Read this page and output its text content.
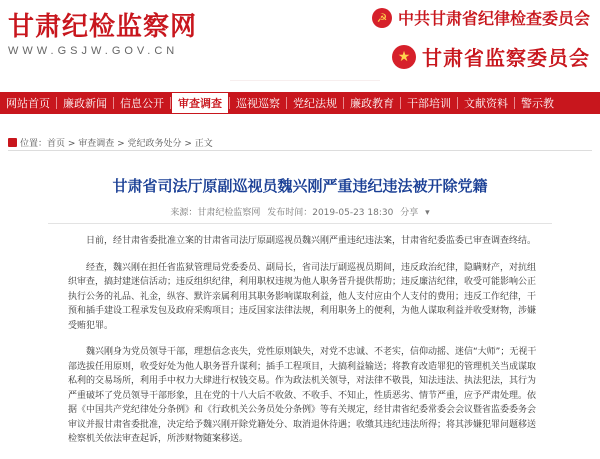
甘肃纪检监察网
WWW.GSJW.GOV.CN
☭ 中共甘肃省纪律检查委员会
★ 甘肃省监察委员会
网站首页	廉政新闻	信息公开	审查调查	巡视巡察	党纪法规	廉政教育	干部培训	文献资料	警示教
位置：首页 > 审查调查 > 党纪政务处分 > 正文
甘肃省司法厅原副巡视员魏兴刚严重违纪违法被开除党籍
来源：甘肃纪检监察网 发布时间：2019-05-23 18:30 分享 ▾

日前，经甘肃省委批准立案的甘肃省司法厅原副巡视员魏兴刚严重违纪违法案，甘肃省纪委监委已审查调查终结。

经查，魏兴刚在担任省监狱管理局党委委员、副局长，省司法厅副巡视员期间，违反政治纪律，隐瞒财产，对抗组织审查，搞封建迷信活动；违反组织纪律，利用职权违规为他人职务晋升提供帮助；违反廉洁纪律，收受可能影响公正执行公务的礼品、礼金，纵容、默许亲属利用其职务影响谋取利益，他人支付应由个人支付的费用；违反工作纪律，干预和插手建设工程承发包及政府采购项目；违反国家法律法规，利用职务上的便利，为他人谋取利益并收受财物，涉嫌受贿犯罪。

魏兴刚身为党员领导干部，理想信念丧失，党性原则缺失，对党不忠诚、不老实，信仰动摇、迷信“大师”；无视干部选拔任用原则，收受好处为他人职务晋升谋利；插手工程项目，大搞利益输送；将教育改造罪犯的管理机关当成谋取私利的交易场所，利用手中权力大肆进行权钱交易。作为政法机关领导，对法律不敬畏，知法违法、执法犯法，其行为严重破坏了党员领导干部形象，且在党的十八大后不收敛、不收手、不知止，性质恶劣、情节严重，应予严肃处理。依据《中国共产党纪律处分条例》和《行政机关公务员处分条例》等有关规定，经甘肃省纪委常委会会议暨省监委委务会审议并报甘肃省委批准，决定给予魏兴刚开除党籍处分、取消退休待遇；收缴其违纪违法所得；将其涉嫌犯罪问题移送检察机关依法审查起诉，所涉财物随案移送。
